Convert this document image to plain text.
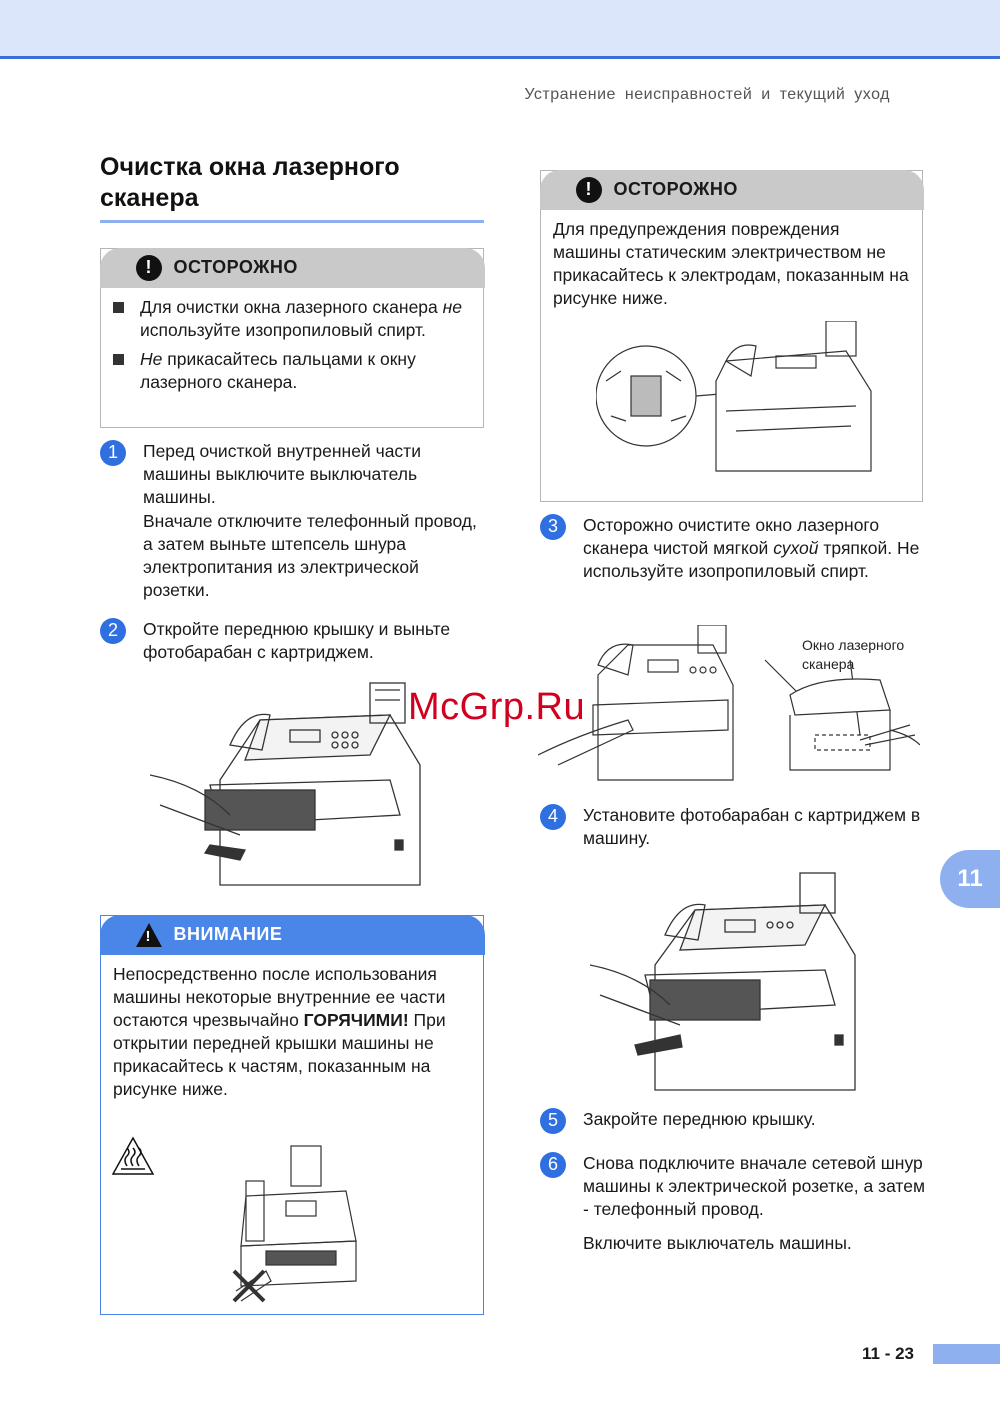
Устранение неисправностей и текущий уход
Очистка окна лазерного сканера
!	ОСТОРОЖНО
Для очистки окна лазерного сканера не используйте изопропиловый спирт.
Не прикасайтесь пальцами к окну лазерного сканера.
1	Перед очисткой внутренней части машины выключите выключатель машины.
Вначале отключите телефонный провод, а затем выньте штепсель шнура электропитания из электрической розетки.
2	Откройте переднюю крышку и выньте фотобарабан с картриджем.
! ВНИМАНИЕ
Непосредственно после использования машины некоторые внутренние ее части остаются чрезвычайно ГОРЯЧИМИ! При открытии передней крышки машины не прикасайтесь к частям, показанным на рисунке ниже.
!	ОСТОРОЖНО
Для предупреждения повреждения машины статическим электричеством не прикасайтесь к электродам, показанным на рисунке ниже.
3	Осторожно очистите окно лазерного сканера чистой мягкой сухой тряпкой. Не используйте изопропиловый спирт.
Окно лазерного
сканера
4	Установите фотобарабан с картриджем в машину.
5	Закройте переднюю крышку.
6	Снова подключите вначале сетевой шнур машины к электрической розетке, а затем - телефонный провод.
Включите выключатель машины.
McGrp.Ru
11
11 - 23
